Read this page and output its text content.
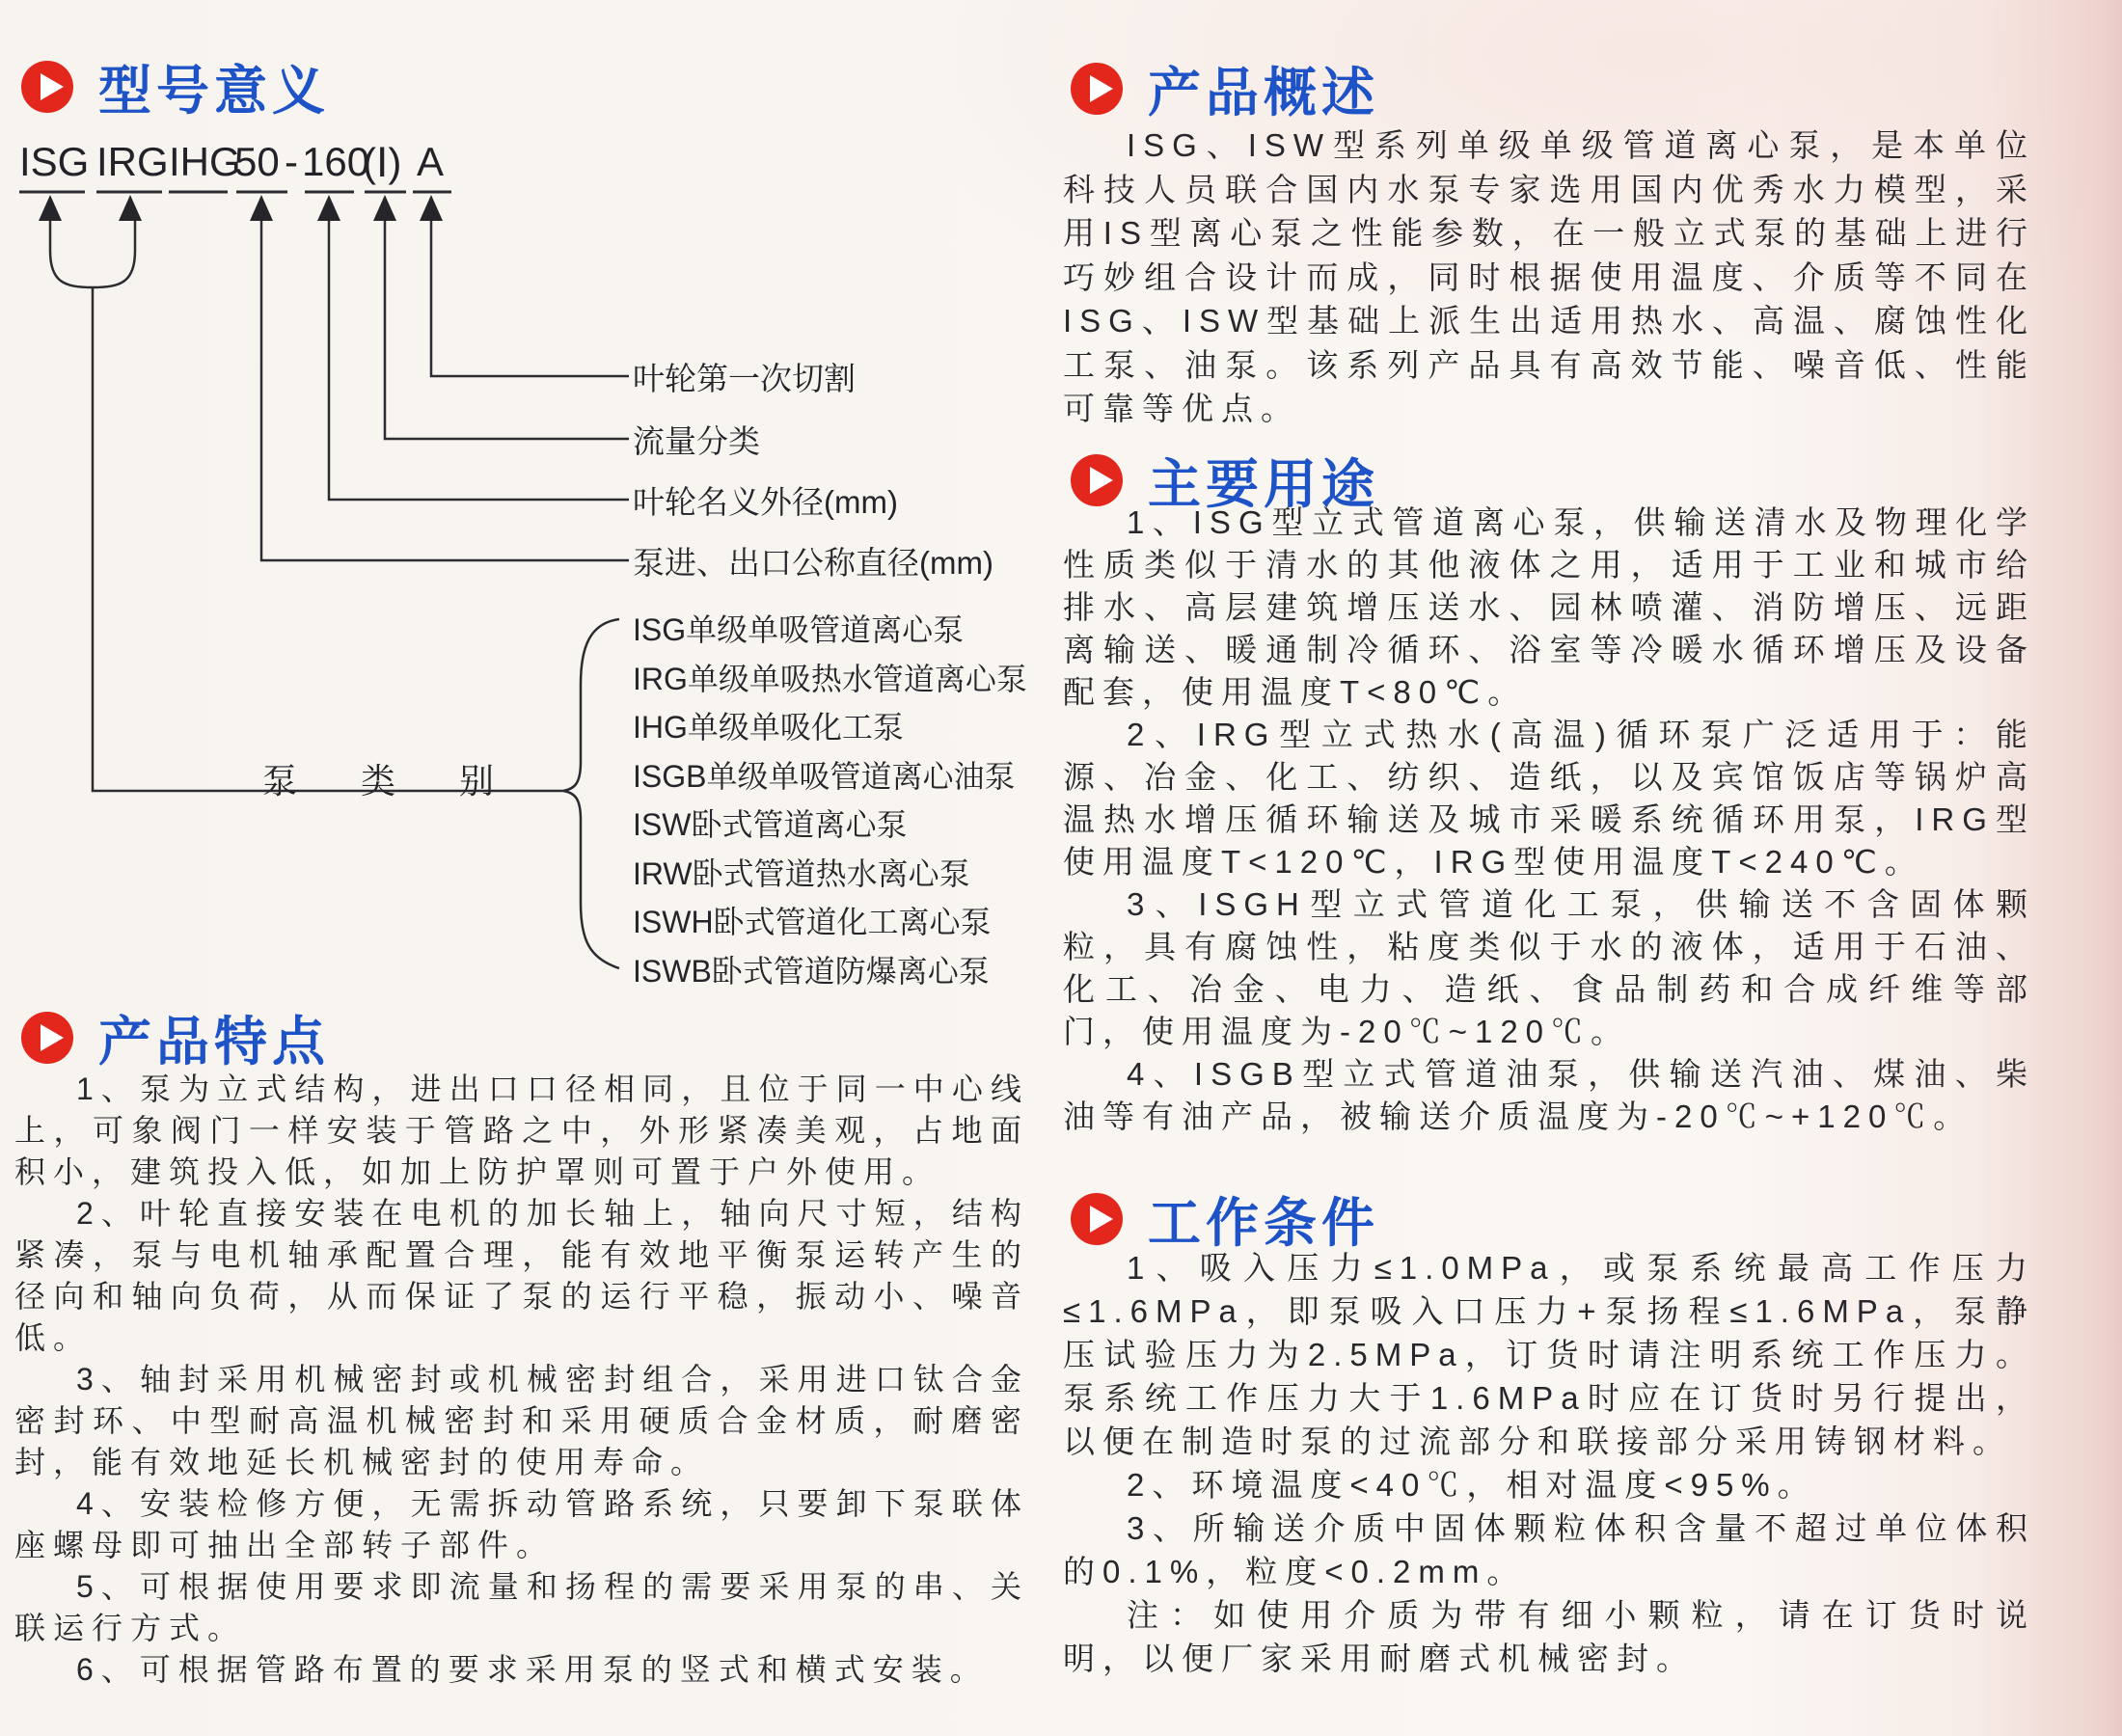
型号意义
产品特点
产品概述
主要用途
工作条件
ISG IRG IHG
50 - 160
(Ⅰ) A
叶轮第一次切割
流量分类
叶轮名义外径(mm)
泵进、出口公称直径(mm)
泵 类 别
ISG单级单吸管道离心泵
IRG单级单吸热水管道离心泵
IHG单级单吸化工泵
ISGB单级单吸管道离心油泵
ISW卧式管道离心泵
IRW卧式管道热水离心泵
ISWH卧式管道化工离心泵
ISWB卧式管道防爆离心泵

1、泵为立式结构，进出口口径相同，且位于同一中心线上，可象阀门一样安装于管路之中，外形紧凑美观，占地面积小，建筑投入低，如加上防护罩则可置于户外使用。

2、叶轮直接安装在电机的加长轴上，轴向尺寸短，结构紧凑，泵与电机轴承配置合理，能有效地平衡泵运转产生的径向和轴向负荷，从而保证了泵的运行平稳，振动小、噪音低。

3、轴封采用机械密封或机械密封组合，采用进口钛合金密封环、中型耐高温机械密封和采用硬质合金材质，耐磨密封，能有效地延长机械密封的使用寿命。

4、安装检修方便，无需拆动管路系统，只要卸下泵联体座螺母即可抽出全部转子部件。

5、可根据使用要求即流量和扬程的需要采用泵的串、关联运行方式。

6、可根据管路布置的要求采用泵的竖式和横式安装。

ISG、ISW型系列单级单级管道离心泵，是本单位科技人员联合国内水泵专家选用国内优秀水力模型，采用IS型离心泵之性能参数，在一般立式泵的基础上进行巧妙组合设计而成，同时根据使用温度、介质等不同在ISG、ISW型基础上派生出适用热水、高温、腐蚀性化工泵、油泵。该系列产品具有高效节能、噪音低、性能可靠等优点。

1、ISG型立式管道离心泵，供输送清水及物理化学性质类似于清水的其他液体之用，适用于工业和城市给排水、高层建筑增压送水、园林喷灌、消防增压、远距离输送、暖通制冷循环、浴室等冷暖水循环增压及设备配套，使用温度T<80℃。

2、IRG型立式热水(高温)循环泵广泛适用于：能源、冶金、化工、纺织、造纸，以及宾馆饭店等锅炉高温热水增压循环输送及城市采暖系统循环用泵，IRG型使用温度T<120℃，IRG型使用温度T<240℃。

3、ISGH型立式管道化工泵，供输送不含固体颗粒，具有腐蚀性，粘度类似于水的液体，适用于石油、化工、冶金、电力、造纸、食品制药和合成纤维等部门，使用温度为-20℃~120℃。

4、ISGB型立式管道油泵，供输送汽油、煤油、柴油等有油产品，被输送介质温度为-20℃~+120℃。

1、吸入压力≤1.0MPa，或泵系统最高工作压力≤1.6MPa，即泵吸入口压力+泵扬程≤1.6MPa，泵静压试验压力为2.5MPa，订货时请注明系统工作压力。泵系统工作压力大于1.6MPa时应在订货时另行提出，以便在制造时泵的过流部分和联接部分采用铸钢材料。

2、环境温度<40℃，相对温度<95%。

3、所输送介质中固体颗粒体积含量不超过单位体积的0.1%，粒度<0.2mm。

注：如使用介质为带有细小颗粒，请在订货时说明，以便厂家采用耐磨式机械密封。
